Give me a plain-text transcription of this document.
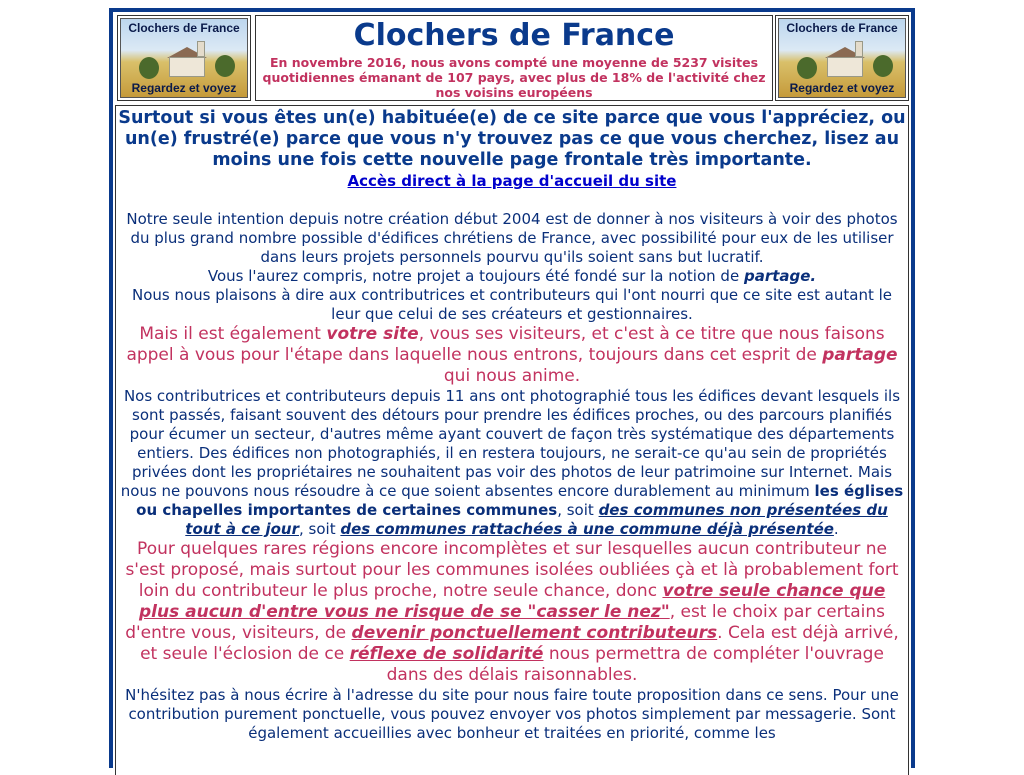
Clochers de France
Regardez et voyez
Clochers de France
En novembre 2016, nous avons compté une moyenne de 5237 visites quotidiennes émanant de 107 pays, avec plus de 18% de l'activité chez nos voisins européens
Clochers de France
Regardez et voyez

Surtout si vous êtes un(e) habituée(e) de ce site parce que vous l'appréciez, ou un(e) frustré(e) parce que vous n'y trouvez pas ce que vous cherchez, lisez au moins une fois cette nouvelle page frontale très importante.

Accès direct à la page d'accueil du site

Notre seule intention depuis notre création début 2004 est de donner à nos visiteurs à voir des photos du plus grand nombre possible d'édifices chrétiens de France, avec possibilité pour eux de les utiliser dans leurs projets personnels pourvu qu'ils soient sans but lucratif.

Vous l'aurez compris, notre projet a toujours été fondé sur la notion de partage.

Nous nous plaisons à dire aux contributrices et contributeurs qui l'ont nourri que ce site est autant le leur que celui de ses créateurs et gestionnaires.

Mais il est également votre site, vous ses visiteurs, et c'est à ce titre que nous faisons appel à vous pour l'étape dans laquelle nous entrons, toujours dans cet esprit de partage qui nous anime.

Nos contributrices et contributeurs depuis 11 ans ont photographié tous les édifices devant lesquels ils sont passés, faisant souvent des détours pour prendre les édifices proches, ou des parcours planifiés pour écumer un secteur, d'autres même ayant couvert de façon très systématique des départements entiers. Des édifices non photographiés, il en restera toujours, ne serait-ce qu'au sein de propriétés privées dont les propriétaires ne souhaitent pas voir des photos de leur patrimoine sur Internet. Mais nous ne pouvons nous résoudre à ce que soient absentes encore durablement au minimum les églises ou chapelles importantes de certaines communes, soit des communes non présentées du tout à ce jour, soit des communes rattachées à une commune déjà présentée.

Pour quelques rares régions encore incomplètes et sur lesquelles aucun contributeur ne s'est proposé, mais surtout pour les communes isolées oubliées çà et là probablement fort loin du contributeur le plus proche, notre seule chance, donc votre seule chance que plus aucun d'entre vous ne risque de se "casser le nez", est le choix par certains d'entre vous, visiteurs, de devenir ponctuellement contributeurs. Cela est déjà arrivé, et seule l'éclosion de ce réflexe de solidarité nous permettra de compléter l'ouvrage dans des délais raisonnables.

N'hésitez pas à nous écrire à l'adresse du site pour nous faire toute proposition dans ce sens. Pour une contribution purement ponctuelle, vous pouvez envoyer vos photos simplement par messagerie. Sont également accueillies avec bonheur et traitées en priorité, comme les
